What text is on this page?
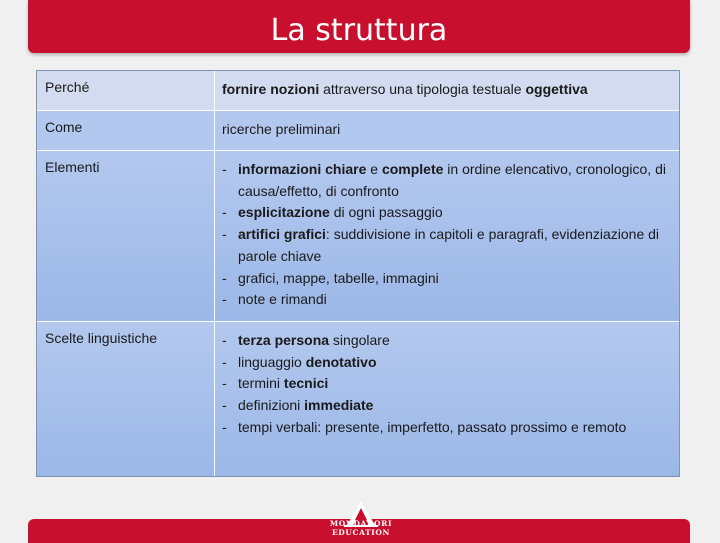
La struttura
Perché	fornire nozioni attraverso una tipologia testuale oggettiva
Come	ricerche preliminari
Elementi	- informazioni chiare e complete in ordine elencativo, cronologico, di causa/effetto, di confronto
- esplicitazione di ogni passaggio
- artifici grafici: suddivisione in capitoli e paragrafi, evidenziazione di parole chiave
- grafici, mappe, tabelle, immagini
- note e rimandi
Scelte linguistiche	- terza persona singolare
- linguaggio denotativo
- termini tecnici
- definizioni immediate
- tempi verbali: presente, imperfetto, passato prossimo e remoto
MONDADORI EDUCATION
